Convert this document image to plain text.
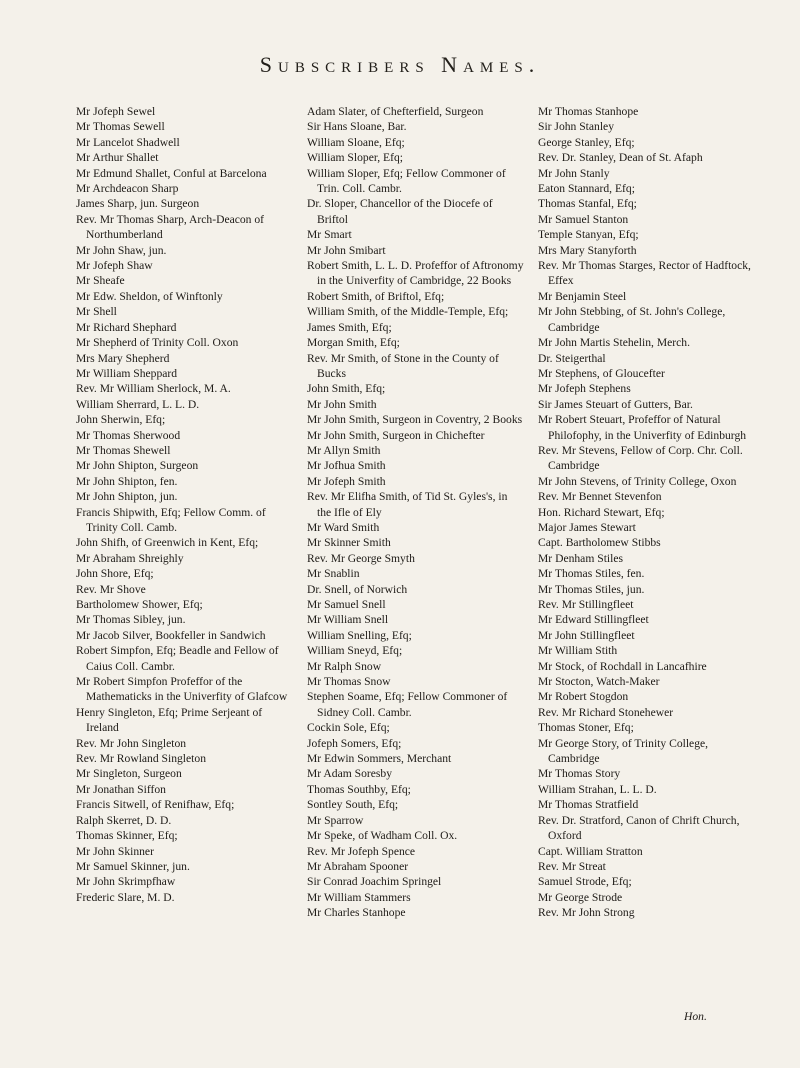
Subscribers Names.
Mr Jofeph Sewel
Mr Thomas Sewell
Mr Lancelot Shadwell
Mr Arthur Shallet
Mr Edmund Shallet, Conful at Barcelona
Mr Archdeacon Sharp
James Sharp, jun. Surgeon
Rev. Mr Thomas Sharp, Arch-Deacon of Northumberland
Mr John Shaw, jun.
Mr Jofeph Shaw
Mr Sheafe
Mr Edw. Sheldon, of Winftonly
Mr Shell
Mr Richard Shephard
Mr Shepherd of Trinity Coll. Oxon
Mrs Mary Shepherd
Mr William Sheppard
Rev. Mr William Sherlock, M. A.
William Sherrard, L. L. D.
John Sherwin, Efq;
Mr Thomas Sherwood
Mr Thomas Shewell
Mr John Shipton, Surgeon
Mr John Shipton, fen.
Mr John Shipton, jun.
Francis Shipwith, Efq; Fellow Comm. of Trinity Coll. Camb.
John Shifh, of Greenwich in Kent, Efq;
Mr Abraham Shreighly
John Shore, Efq;
Rev. Mr Shove
Bartholomew Shower, Efq;
Mr Thomas Sibley, jun.
Mr Jacob Silver, Bookfeller in Sandwich
Robert Simpfon, Efq; Beadle and Fellow of Caius Coll. Cambr.
Mr Robert Simpfon Profeffor of the Mathematicks in the Univerfity of Glafcow
Henry Singleton, Efq; Prime Serjeant of Ireland
Rev. Mr John Singleton
Rev. Mr Rowland Singleton
Mr Singleton, Surgeon
Mr Jonathan Siffon
Francis Sitwell, of Renifhaw, Efq;
Ralph Skerret, D. D.
Thomas Skinner, Efq;
Mr John Skinner
Mr Samuel Skinner, jun.
Mr John Skrimpfhaw
Frederic Slare, M. D.
Adam Slater, of Chefterfield, Surgeon
Sir Hans Sloane, Bar.
William Sloane, Efq;
William Sloper, Efq;
William Sloper, Efq; Fellow Commoner of Trin. Coll. Cambr.
Dr. Sloper, Chancellor of the Diocefe of Briftol
Mr Smart
Mr John Smibart
Robert Smith, L. L. D. Profeffor of Aftronomy in the Univerfity of Cambridge, 22 Books
Robert Smith, of Briftol, Efq;
William Smith, of the Middle-Temple, Efq;
James Smith, Efq;
Morgan Smith, Efq;
Rev. Mr Smith, of Stone in the County of Bucks
John Smith, Efq;
Mr John Smith
Mr John Smith, Surgeon in Coventry, 2 Books
Mr John Smith, Surgeon in Chichefter
Mr Allyn Smith
Mr Jofhua Smith
Mr Jofeph Smith
Rev. Mr Elifha Smith, of Tid St. Gyles's, in the Ifle of Ely
Mr Ward Smith
Mr Skinner Smith
Rev. Mr George Smyth
Mr Snablin
Dr. Snell, of Norwich
Mr Samuel Snell
Mr William Snell
William Snelling, Efq;
William Sneyd, Efq;
Mr Ralph Snow
Mr Thomas Snow
Stephen Soame, Efq; Fellow Commoner of Sidney Coll. Cambr.
Cockin Sole, Efq;
Jofeph Somers, Efq;
Mr Edwin Sommers, Merchant
Mr Adam Soresby
Thomas Southby, Efq;
Sontley South, Efq;
Mr Sparrow
Mr Speke, of Wadham Coll. Ox.
Rev. Mr Jofeph Spence
Mr Abraham Spooner
Sir Conrad Joachim Springel
Mr William Stammers
Mr Charles Stanhope
Mr Thomas Stanhope
Sir John Stanley
George Stanley, Efq;
Rev. Dr. Stanley, Dean of St. Afaph
Mr John Stanly
Eaton Stannard, Efq;
Thomas Stanfal, Efq;
Mr Samuel Stanton
Temple Stanyan, Efq;
Mrs Mary Stanyforth
Rev. Mr Thomas Starges, Rector of Hadftock, Effex
Mr Benjamin Steel
Mr John Stebbing, of St. John's College, Cambridge
Mr John Martis Stehelin, Merch.
Dr. Steigerthal
Mr Stephens, of Gloucefter
Mr Jofeph Stephens
Sir James Steuart of Gutters, Bar.
Mr Robert Steuart, Profeffor of Natural Philofophy, in the Univerfity of Edinburgh
Rev. Mr Stevens, Fellow of Corp. Chr. Coll. Cambridge
Mr John Stevens, of Trinity College, Oxon
Rev. Mr Bennet Stevenfon
Hon. Richard Stewart, Efq;
Major James Stewart
Capt. Bartholomew Stibbs
Mr Denham Stiles
Mr Thomas Stiles, fen.
Mr Thomas Stiles, jun.
Rev. Mr Stillingfleet
Mr Edward Stillingfleet
Mr John Stillingfleet
Mr William Stith
Mr Stock, of Rochdall in Lancafhire
Mr Stocton, Watch-Maker
Mr Robert Stogdon
Rev. Mr Richard Stonehewer
Thomas Stoner, Efq;
Mr George Story, of Trinity College, Cambridge
Mr Thomas Story
William Strahan, L. L. D.
Mr Thomas Stratfield
Rev. Dr. Stratford, Canon of Chrift Church, Oxford
Capt. William Stratton
Rev. Mr Streat
Samuel Strode, Efq;
Mr George Strode
Rev. Mr John Strong
Hon.
